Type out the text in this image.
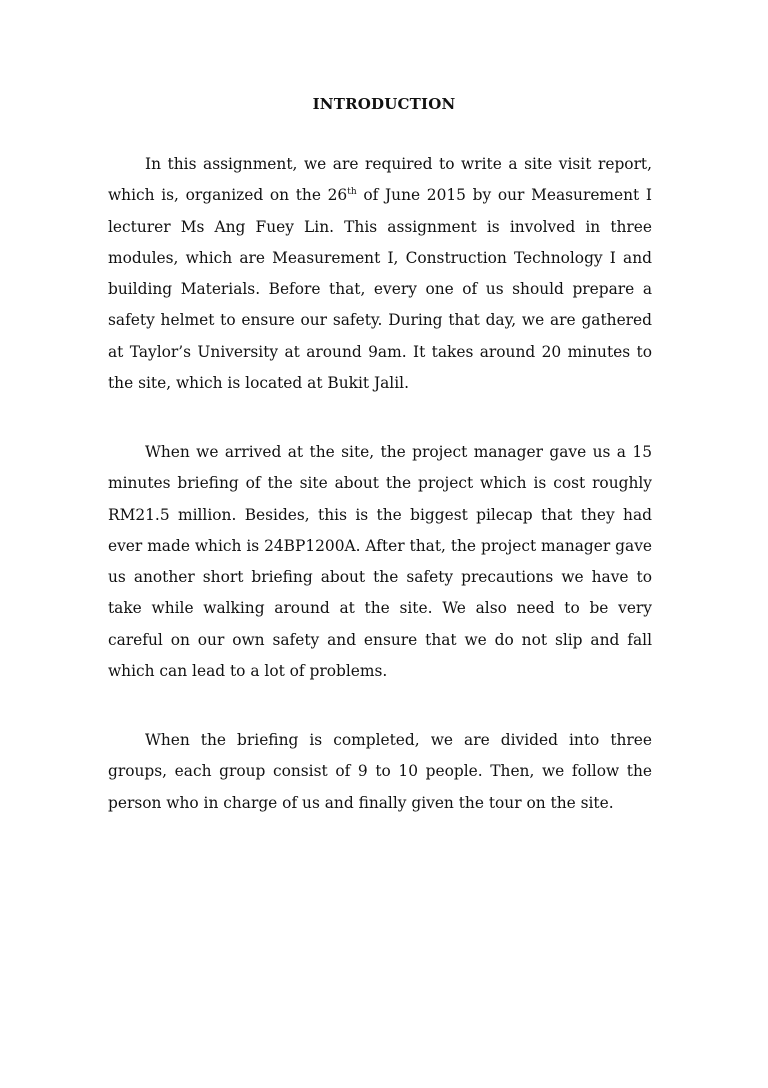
INTRODUCTION

In this assignment, we are required to write a site visit report, which is, organized on the 26th of June 2015 by our Measurement I lecturer Ms Ang Fuey Lin. This assignment is involved in three modules, which are Measurement I, Construction Technology I and building Materials. Before that, every one of us should prepare a safety helmet to ensure our safety. During that day, we are gathered at Taylor’s University at around 9am. It takes around 20 minutes to the site, which is located at Bukit Jalil.

When we arrived at the site, the project manager gave us a 15 minutes briefing of the site about the project which is cost roughly RM21.5 million. Besides, this is the biggest pilecap that they had ever made which is 24BP1200A. After that, the project manager gave us another short briefing about the safety precautions we have to take while walking around at the site. We also need to be very careful on our own safety and ensure that we do not slip and fall which can lead to a lot of problems.

When the briefing is completed, we are divided into three groups, each group consist of 9 to 10 people. Then, we follow the person who in charge of us and finally given the tour on the site.
